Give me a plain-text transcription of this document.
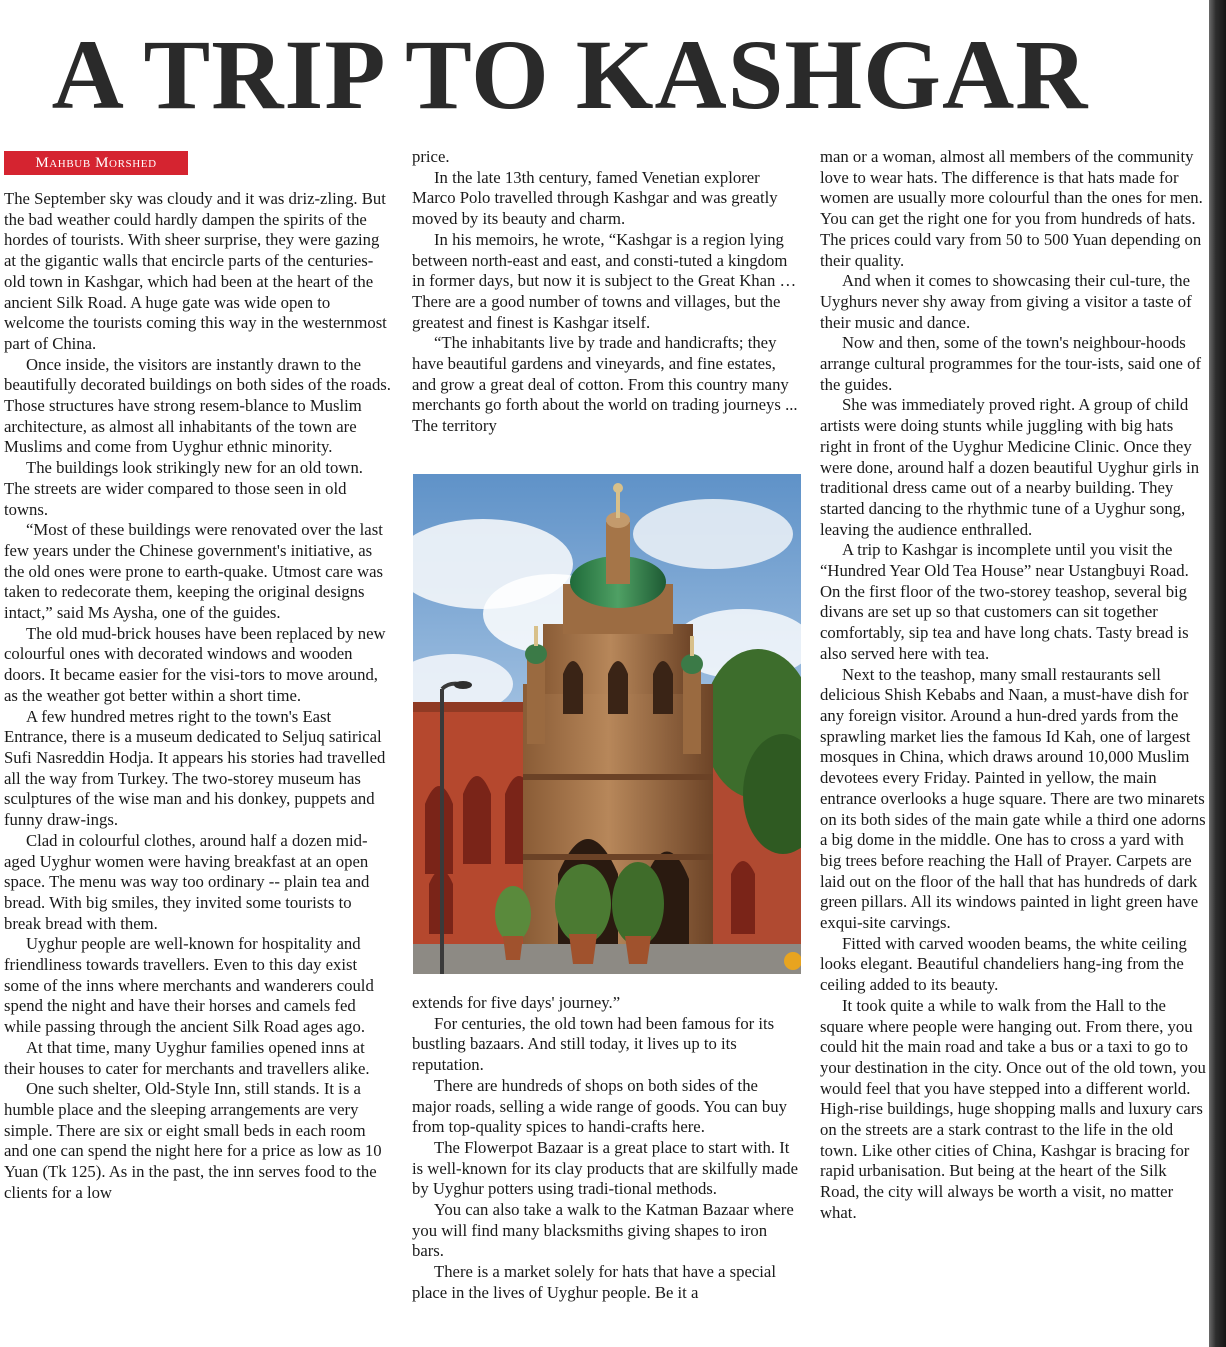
A TRIP TO KASHGAR
Mahbub Morshed

The September sky was cloudy and it was driz-zling. But the bad weather could hardly dampen the spirits of the hordes of tourists. With sheer surprise, they were gazing at the gigantic walls that encircle parts of the centuries-old town in Kashgar, which had been at the heart of the ancient Silk Road. A huge gate was wide open to welcome the tourists coming this way in the westernmost part of China.

Once inside, the visitors are instantly drawn to the beautifully decorated buildings on both sides of the roads. Those structures have strong resem-blance to Muslim architecture, as almost all inhabitants of the town are Muslims and come from Uyghur ethnic minority.

The buildings look strikingly new for an old town. The streets are wider compared to those seen in old towns.

“Most of these buildings were renovated over the last few years under the Chinese government's initiative, as the old ones were prone to earth-quake. Utmost care was taken to redecorate them, keeping the original designs intact,” said Ms Aysha, one of the guides.

The old mud-brick houses have been replaced by new colourful ones with decorated windows and wooden doors. It became easier for the visi-tors to move around, as the weather got better within a short time.

A few hundred metres right to the town's East Entrance, there is a museum dedicated to Seljuq satirical Sufi Nasreddin Hodja. It appears his stories had travelled all the way from Turkey. The two-storey museum has sculptures of the wise man and his donkey, puppets and funny draw-ings.

Clad in colourful clothes, around half a dozen mid-aged Uyghur women were having breakfast at an open space. The menu was way too ordinary -- plain tea and bread. With big smiles, they invited some tourists to break bread with them.

Uyghur people are well-known for hospitality and friendliness towards travellers. Even to this day exist some of the inns where merchants and wanderers could spend the night and have their horses and camels fed while passing through the ancient Silk Road ages ago.

At that time, many Uyghur families opened inns at their houses to cater for merchants and travellers alike.

One such shelter, Old-Style Inn, still stands. It is a humble place and the sleeping arrangements are very simple. There are six or eight small beds in each room and one can spend the night here for a price as low as 10 Yuan (Tk 125). As in the past, the inn serves food to the clients for a low

price.

In the late 13th century, famed Venetian explorer Marco Polo travelled through Kashgar and was greatly moved by its beauty and charm.

In his memoirs, he wrote, “Kashgar is a region lying between north-east and east, and consti-tuted a kingdom in former days, but now it is subject to the Great Khan … There are a good number of towns and villages, but the greatest and finest is Kashgar itself.

“The inhabitants live by trade and handicrafts; they have beautiful gardens and vineyards, and fine estates, and grow a great deal of cotton. From this country many merchants go forth about the world on trading journeys ... The territory

extends for five days' journey.”

For centuries, the old town had been famous for its bustling bazaars. And still today, it lives up to its reputation.

There are hundreds of shops on both sides of the major roads, selling a wide range of goods. You can buy from top-quality spices to handi-crafts here.

The Flowerpot Bazaar is a great place to start with. It is well-known for its clay products that are skilfully made by Uyghur potters using tradi-tional methods.

You can also take a walk to the Katman Bazaar where you will find many blacksmiths giving shapes to iron bars.

There is a market solely for hats that have a special place in the lives of Uyghur people. Be it a

man or a woman, almost all members of the community love to wear hats. The difference is that hats made for women are usually more colourful than the ones for men. You can get the right one for you from hundreds of hats. The prices could vary from 50 to 500 Yuan depending on their quality.

And when it comes to showcasing their cul-ture, the Uyghurs never shy away from giving a visitor a taste of their music and dance.

Now and then, some of the town's neighbour-hoods arrange cultural programmes for the tour-ists, said one of the guides.

She was immediately proved right. A group of child artists were doing stunts while juggling with big hats right in front of the Uyghur Medicine Clinic. Once they were done, around half a dozen beautiful Uyghur girls in traditional dress came out of a nearby building. They started dancing to the rhythmic tune of a Uyghur song, leaving the audience enthralled.

A trip to Kashgar is incomplete until you visit the “Hundred Year Old Tea House” near Ustangbuyi Road. On the first floor of the two-storey teashop, several big divans are set up so that customers can sit together comfortably, sip tea and have long chats. Tasty bread is also served here with tea.

Next to the teashop, many small restaurants sell delicious Shish Kebabs and Naan, a must-have dish for any foreign visitor. Around a hun-dred yards from the sprawling market lies the famous Id Kah, one of largest mosques in China, which draws around 10,000 Muslim devotees every Friday. Painted in yellow, the main entrance overlooks a huge square. There are two minarets on its both sides of the main gate while a third one adorns a big dome in the middle. One has to cross a yard with big trees before reaching the Hall of Prayer. Carpets are laid out on the floor of the hall that has hundreds of dark green pillars. All its windows painted in light green have exqui-site carvings.

Fitted with carved wooden beams, the white ceiling looks elegant. Beautiful chandeliers hang-ing from the ceiling added to its beauty.

It took quite a while to walk from the Hall to the square where people were hanging out. From there, you could hit the main road and take a bus or a taxi to go to your destination in the city. Once out of the old town, you would feel that you have stepped into a different world. High-rise buildings, huge shopping malls and luxury cars on the streets are a stark contrast to the life in the old town. Like other cities of China, Kashgar is bracing for rapid urbanisation. But being at the heart of the Silk Road, the city will always be worth a visit, no matter what.
